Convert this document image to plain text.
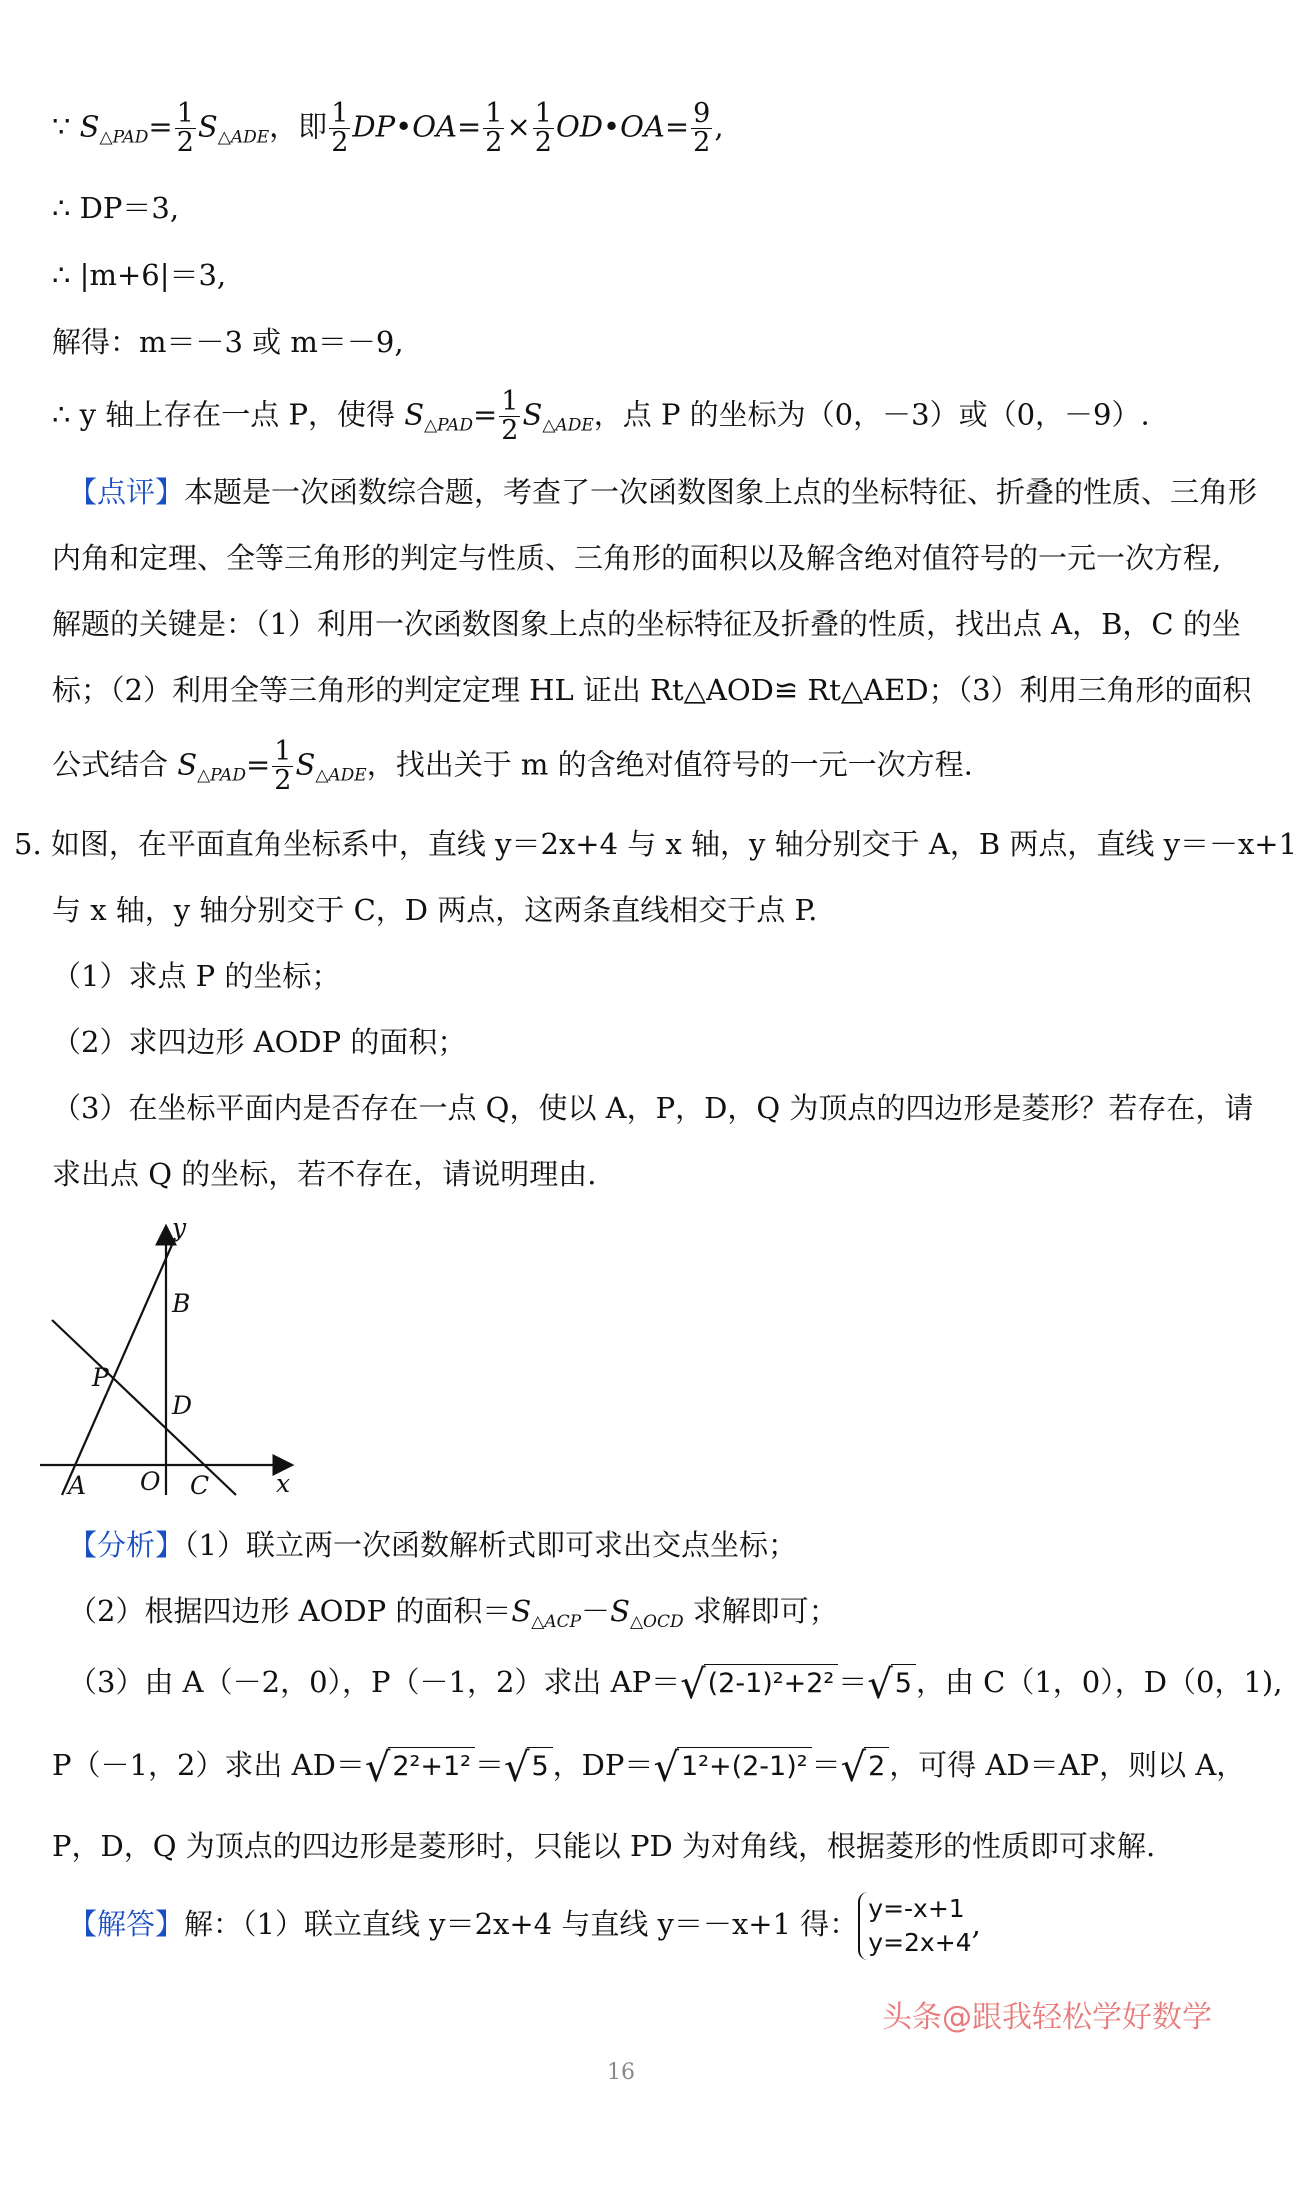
∵ $S_{\triangle PAD}= \frac{1}{2} S_{\triangle ADE}$，即 $\frac{1}{2}$ DP•OA= $\frac{1}{2} \times \frac{1}{2}$ OD•OA= $\frac{9}{2}$ ,
∴ DP＝3,
∴ |m+6|＝3,
解得：m＝－3 或 m＝－9,
∴ y 轴上存在一点 P，使得 $S_{\triangle PAD}= \frac{1}{2} S_{\triangle ADE}$，点 P 的坐标为（0，－3）或（0，－9）.
【点评】本题是一次函数综合题，考查了一次函数图象上点的坐标特征、折叠的性质、三角形
内角和定理、全等三角形的判定与性质、三角形的面积以及解含绝对值符号的一元一次方程,
解题的关键是：（1）利用一次函数图象上点的坐标特征及折叠的性质，找出点 A，B，C 的坐
标；（2）利用全等三角形的判定定理 HL 证出 Rt△AOD≌ Rt△AED；（3）利用三角形的面积
公式结合 $S_{\triangle PAD}= \frac{1}{2} S_{\triangle ADE}$，找出关于 m 的含绝对值符号的一元一次方程.
5. 如图，在平面直角坐标系中，直线 y＝2x+4 与 x 轴，y 轴分别交于 A，B 两点，直线 y＝－x+1
与 x 轴，y 轴分别交于 C，D 两点，这两条直线相交于点 P.
（1）求点 P 的坐标；
（2）求四边形 AODP 的面积；
（3）在坐标平面内是否存在一点 Q，使以 A，P，D，Q 为顶点的四边形是菱形？若存在，请
求出点 Q 的坐标，若不存在，请说明理由.
y
x
B
P
D
A O C
【分析】（1）联立两一次函数解析式即可求出交点坐标；
（2）根据四边形 AODP 的面积$=S_{\triangle ACP}-S_{\triangle OCD}$ 求解即可；
（3）由 A（－2，0），P（－1，2）求出 AP＝√(2-1)²+2² ＝√5 ，由 C（1，0），D（0，1),
P（－1，2）求出 AD＝√2²+1² ＝√5 ，DP＝√1²+(2-1)² ＝√2 ，可得 AD＝AP，则以 A，
P，D，Q 为顶点的四边形是菱形时，只能以 PD 为对角线，根据菱形的性质即可求解.
【解答】解：（1）联立直线 y＝2x+4 与直线 y＝－x+1 得： y=-x+1
y=2x+4
,
头条@跟我轻松学好数学
16
